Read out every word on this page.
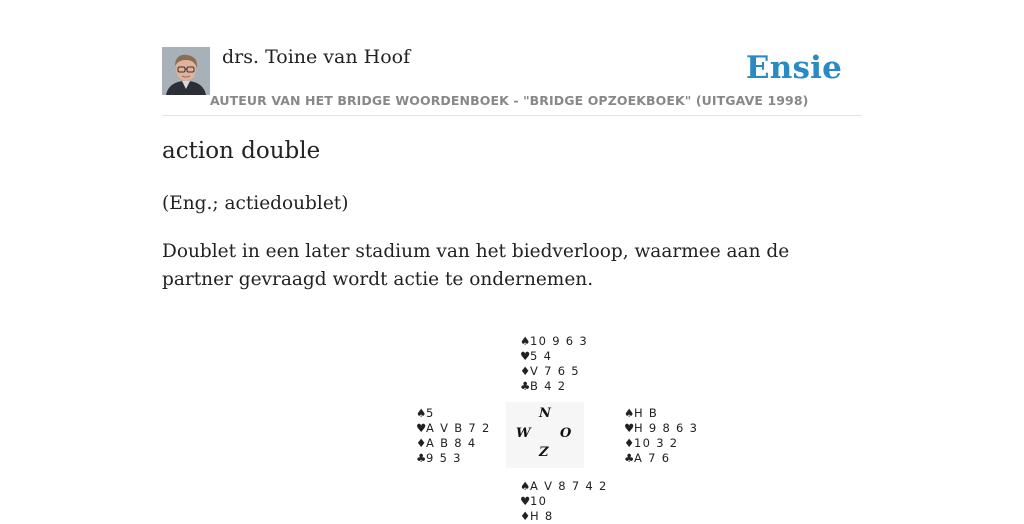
drs. Toine van Hoof
AUTEUR VAN HET BRIDGE WOORDENBOEK - "BRIDGE OPZOEKBOEK" (UITGAVE 1998)
Ensie
action double
(Eng.; actiedoublet)
Doublet in een later stadium van het biedverloop, waarmee aan de partner gevraagd wordt actie te ondernemen.
♠10 9 6 3
♥5 4
♦V 7 6 5
♣B 4 2
♠5
♥A V B 7 2
♦A B 8 4
♣9 5 3
N
W O
Z
♠H B
♥H 9 8 6 3
♦10 3 2
♣A 7 6
♠A V 8 7 4 2
♥10
♦H 8
